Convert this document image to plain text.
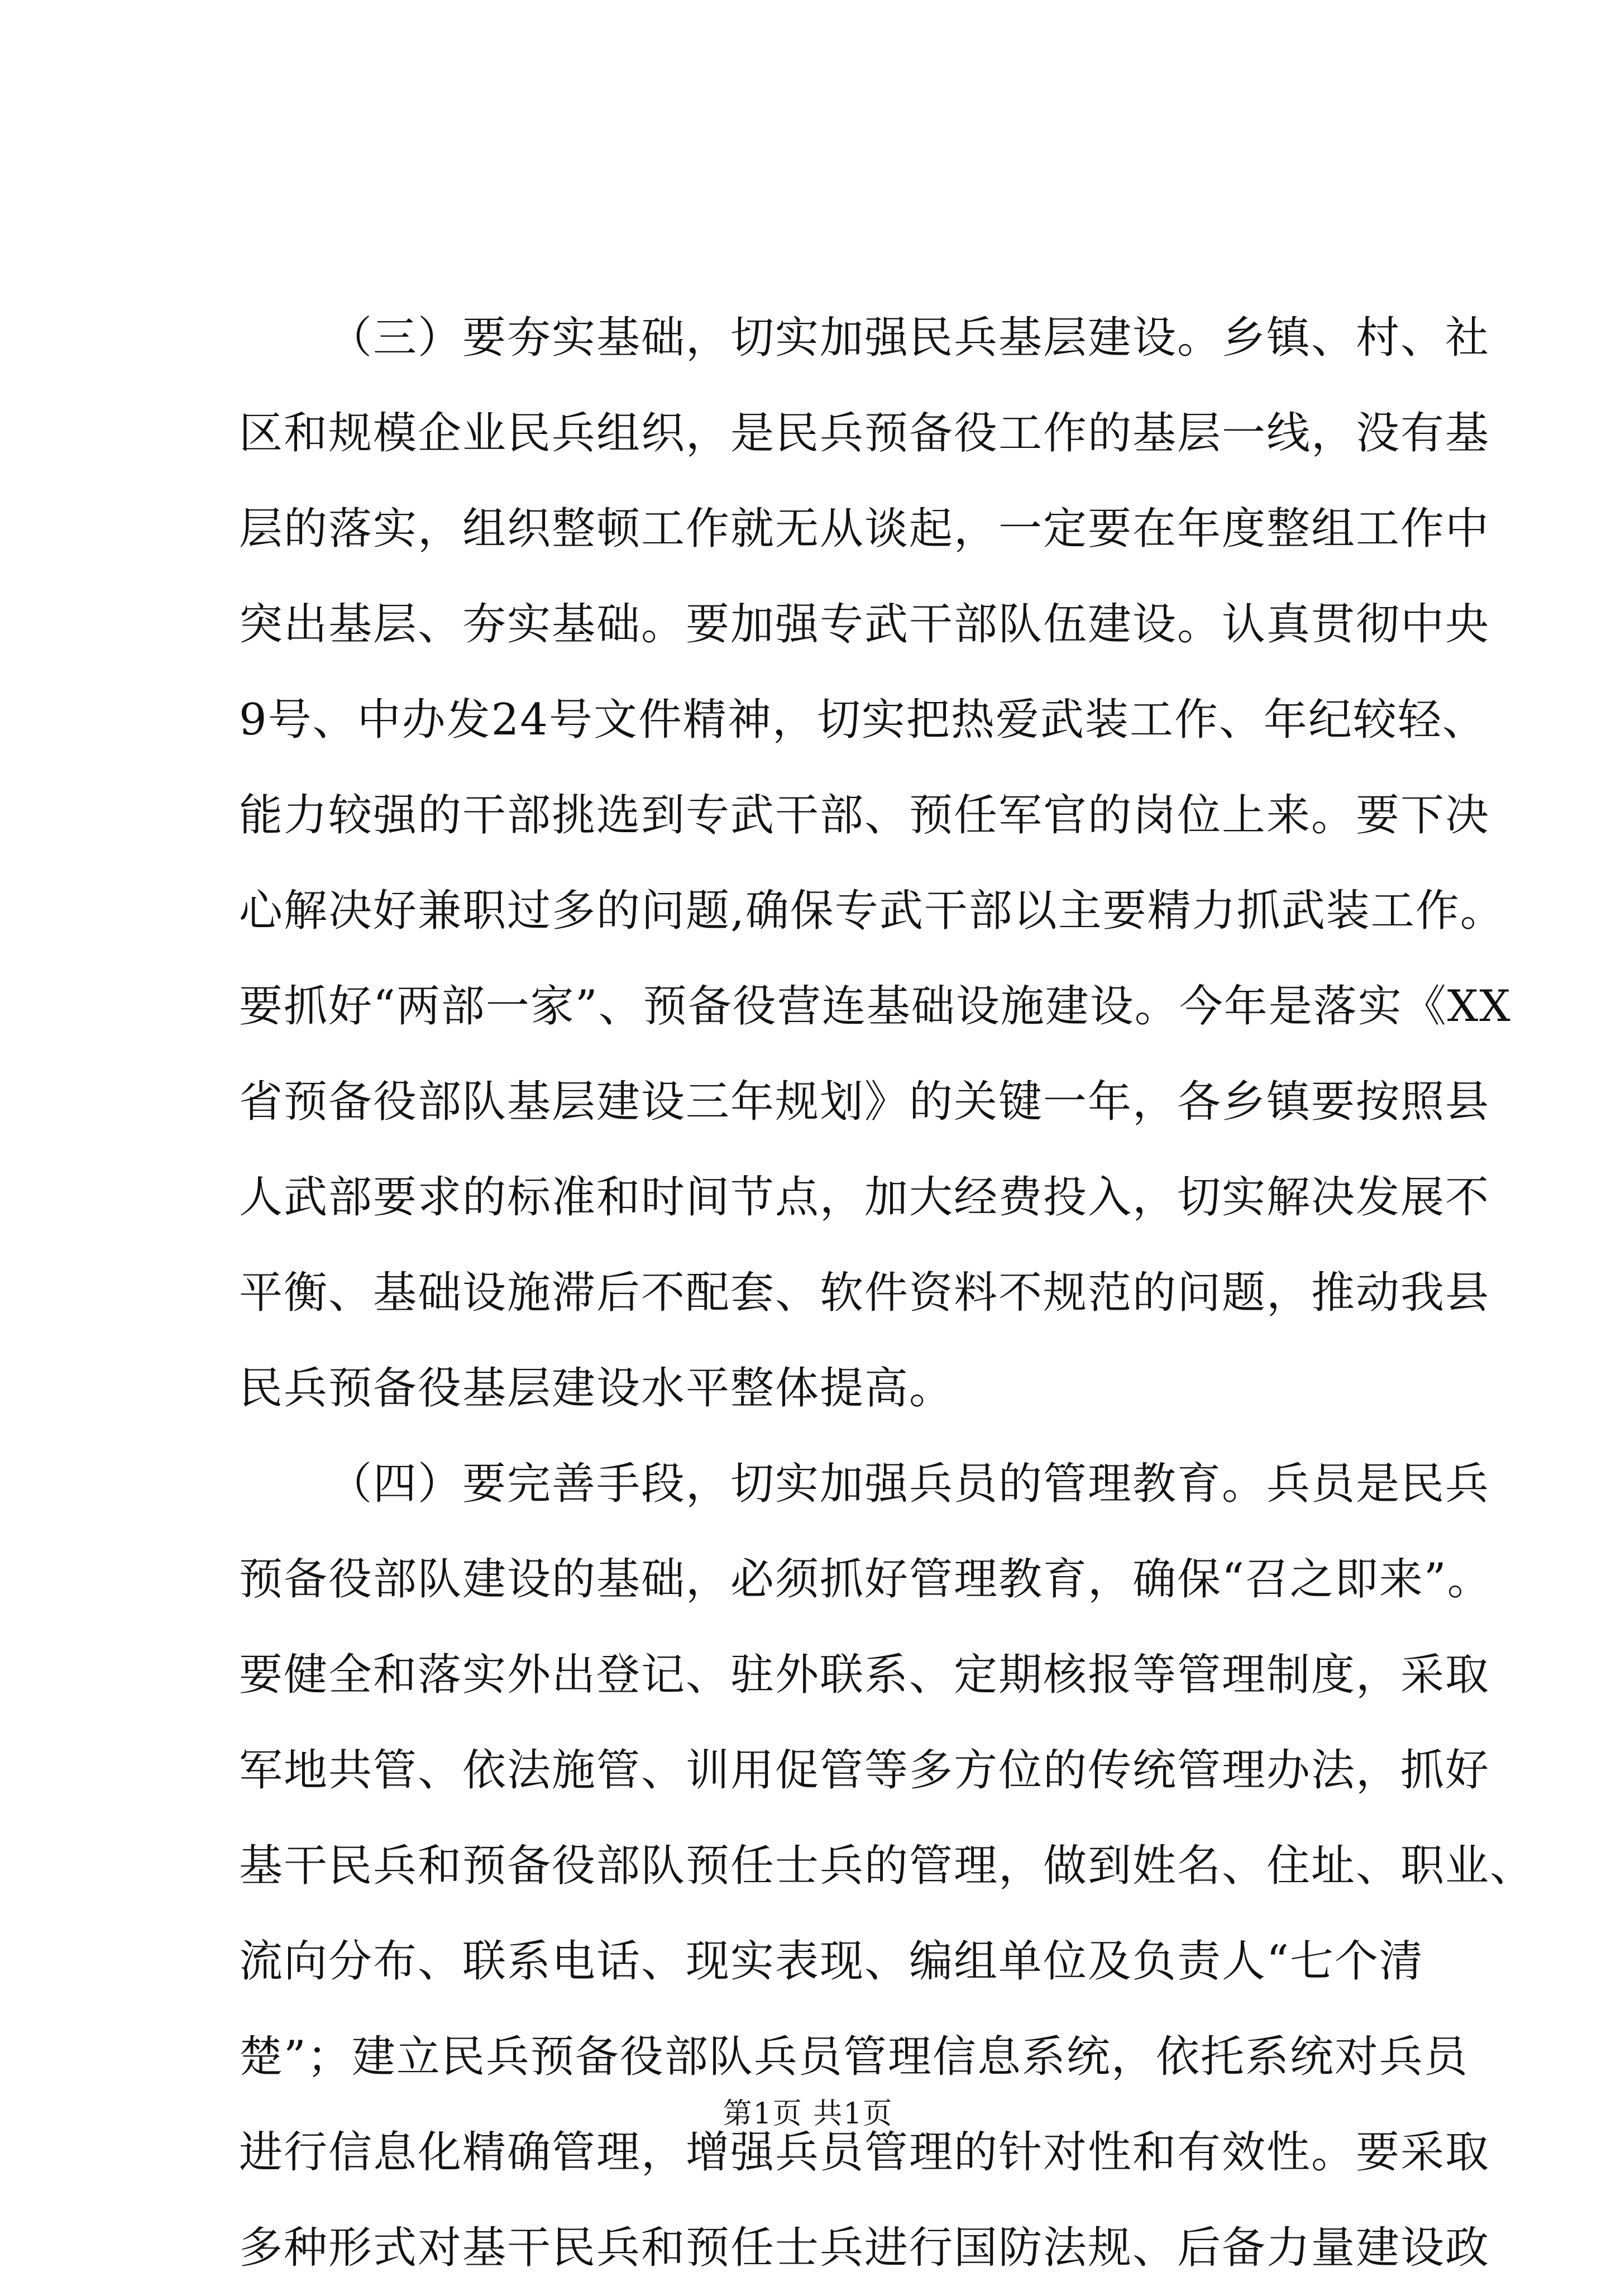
（三）要夯实基础，切实加强民兵基层建设。乡镇、村、社
区和规模企业民兵组织，是民兵预备役工作的基层一线，没有基
层的落实，组织整顿工作就无从谈起，一定要在年度整组工作中
突出基层、夯实基础。要加强专武干部队伍建设。认真贯彻中央
9号、中办发24号文件精神，切实把热爱武装工作、年纪较轻、
能力较强的干部挑选到专武干部、预任军官的岗位上来。要下决
心解决好兼职过多的问题,确保专武干部以主要精力抓武装工作。
要抓好“两部一家”、预备役营连基础设施建设。今年是落实《XX
省预备役部队基层建设三年规划》的关键一年，各乡镇要按照县
人武部要求的标准和时间节点，加大经费投入，切实解决发展不
平衡、基础设施滞后不配套、软件资料不规范的问题，推动我县
民兵预备役基层建设水平整体提高。

（四）要完善手段，切实加强兵员的管理教育。兵员是民兵
预备役部队建设的基础，必须抓好管理教育，确保“召之即来”。
要健全和落实外出登记、驻外联系、定期核报等管理制度，采取
军地共管、依法施管、训用促管等多方位的传统管理办法，抓好
基干民兵和预备役部队预任士兵的管理，做到姓名、住址、职业、
流向分布、联系电话、现实表现、编组单位及负责人“七个清
楚”；建立民兵预备役部队兵员管理信息系统，依托系统对兵员
进行信息化精确管理，增强兵员管理的针对性和有效性。要采取
多种形式对基干民兵和预任士兵进行国防法规、后备力量建设政

第1页 共1页
